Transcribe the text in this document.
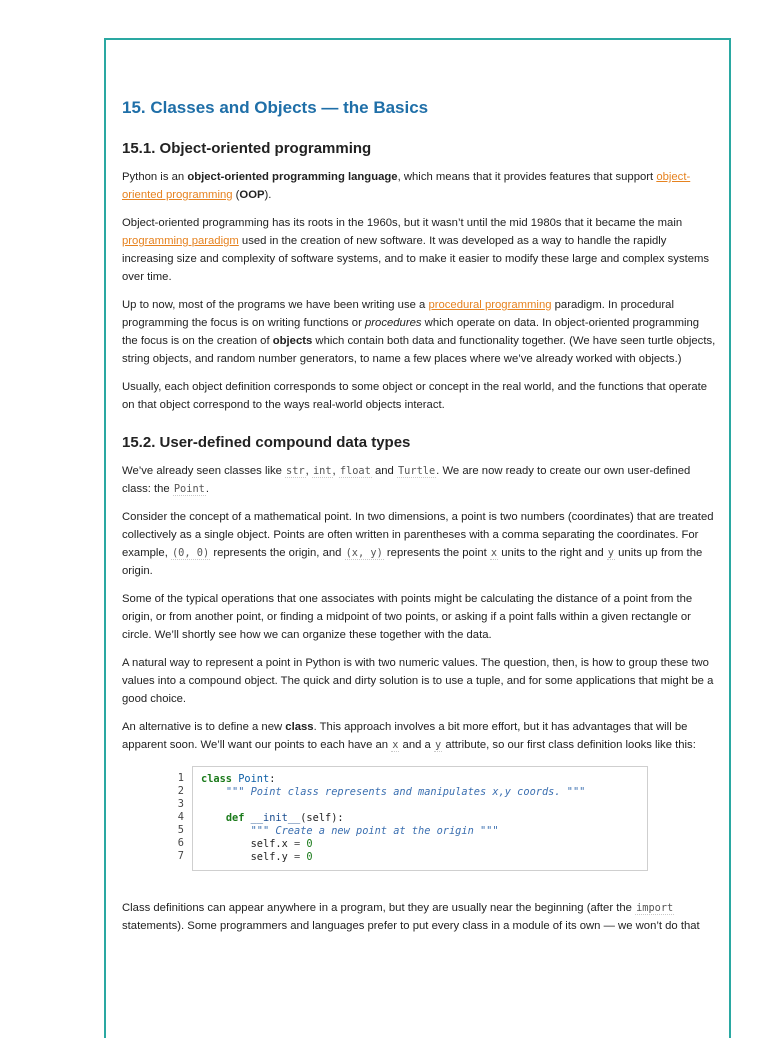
15. Classes and Objects — the Basics
15.1. Object-oriented programming

Python is an object-oriented programming language, which means that it provides features that support object-oriented programming (OOP).

Object-oriented programming has its roots in the 1960s, but it wasn’t until the mid 1980s that it became the main programming paradigm used in the creation of new software. It was developed as a way to handle the rapidly increasing size and complexity of software systems, and to make it easier to modify these large and complex systems over time.

Up to now, most of the programs we have been writing use a procedural programming paradigm. In procedural programming the focus is on writing functions or procedures which operate on data. In object-oriented programming the focus is on the creation of objects which contain both data and functionality together. (We have seen turtle objects, string objects, and random number generators, to name a few places where we’ve already worked with objects.)

Usually, each object definition corresponds to some object or concept in the real world, and the functions that operate on that object correspond to the ways real-world objects interact.

15.2. User-defined compound data types

We’ve already seen classes like str, int, float and Turtle. We are now ready to create our own user-defined class: the Point.

Consider the concept of a mathematical point. In two dimensions, a point is two numbers (coordinates) that are treated collectively as a single object. Points are often written in parentheses with a comma separating the coordinates. For example, (0, 0) represents the origin, and (x, y) represents the point x units to the right and y units up from the origin.

Some of the typical operations that one associates with points might be calculating the distance of a point from the origin, or from another point, or finding a midpoint of two points, or asking if a point falls within a given rectangle or circle. We’ll shortly see how we can organize these together with the data.

A natural way to represent a point in Python is with two numeric values. The question, then, is how to group these two values into a compound object. The quick and dirty solution is to use a tuple, and for some applications that might be a good choice.

An alternative is to define a new class. This approach involves a bit more effort, but it has advantages that will be apparent soon. We’ll want our points to each have an x and a y attribute, so our first class definition looks like this:

1
2
3
4
5
6
7
class Point:
""" Point class represents and manipulates x,y coords. """

def __init__(self):
""" Create a new point at the origin """
self.x = 0
self.y = 0

Class definitions can appear anywhere in a program, but they are usually near the beginning (after the import statements). Some programmers and languages prefer to put every class in a module of its own — we won’t do that
